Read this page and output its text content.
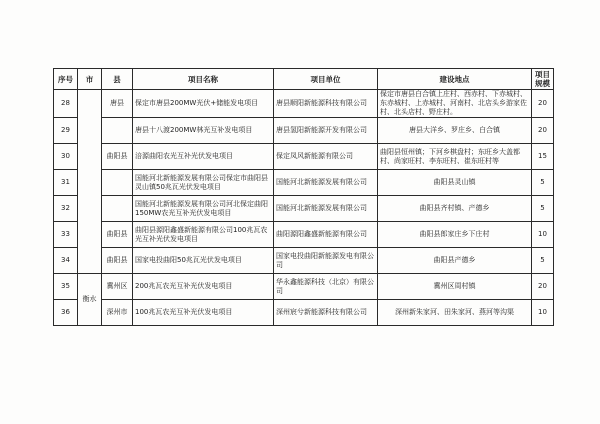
序号	市	县	项目名称	项目单位	建设地点	项目规模
28		唐县	保定市唐县200MW光伏+储能发电项目	唐县顺阳新能源科技有限公司	保定市唐县白合镇上庄村、西赤村、下赤城村、东赤城村、上赤城村、河南村、北店头乡游家佐村、北头店村、野庄村。	20
29			唐县十八渡200MW林光互补发电项目	唐县氢阳新能源开发有限公司	唐县大洋乡、罗庄乡、白合镇	20
30		曲阳县	涪源曲阳农光互补光伏发电项目	保定凤风新能源有限公司	曲阳县恒州镇；下河乡棋盘村；东旺乡大盖都村、尚家旺村、李东旺村、崔东旺村等	15
31			国能河北新能源发展有限公司保定市曲阳县灵山镇50兆瓦光伏发电项目	国能河北新能源发展有限公司	曲阳县灵山镇	5
32			国能河北新能源发展有限公司河北保定曲阳150MW农光互补光伏发电项目	国能河北新能源发展有限公司	曲阳县齐村镇、产德乡	5
33		曲阳县	曲阳县源阳鑫盛新能源有限公司100兆瓦农光互补光伏发电项目	曲阳源阳鑫盛新能源有限公司	曲阳县郎家庄乡下庄村	10
34		曲阳县	国家电投曲阳50兆瓦光伏发电项目	国家电投曲阳新能源发电有限公司	曲阳县产德乡	5
35	衡水	冀州区	200兆瓦农光互补光伏发电项目	华永鑫能源科技（北京）有限公司	冀州区周村镇	20
36		深州市	100兆瓦农光互补光伏发电项目	深州宸兮新能源科技有限公司	深州新朱家河、田朱家河、燕河等沟渠	10
